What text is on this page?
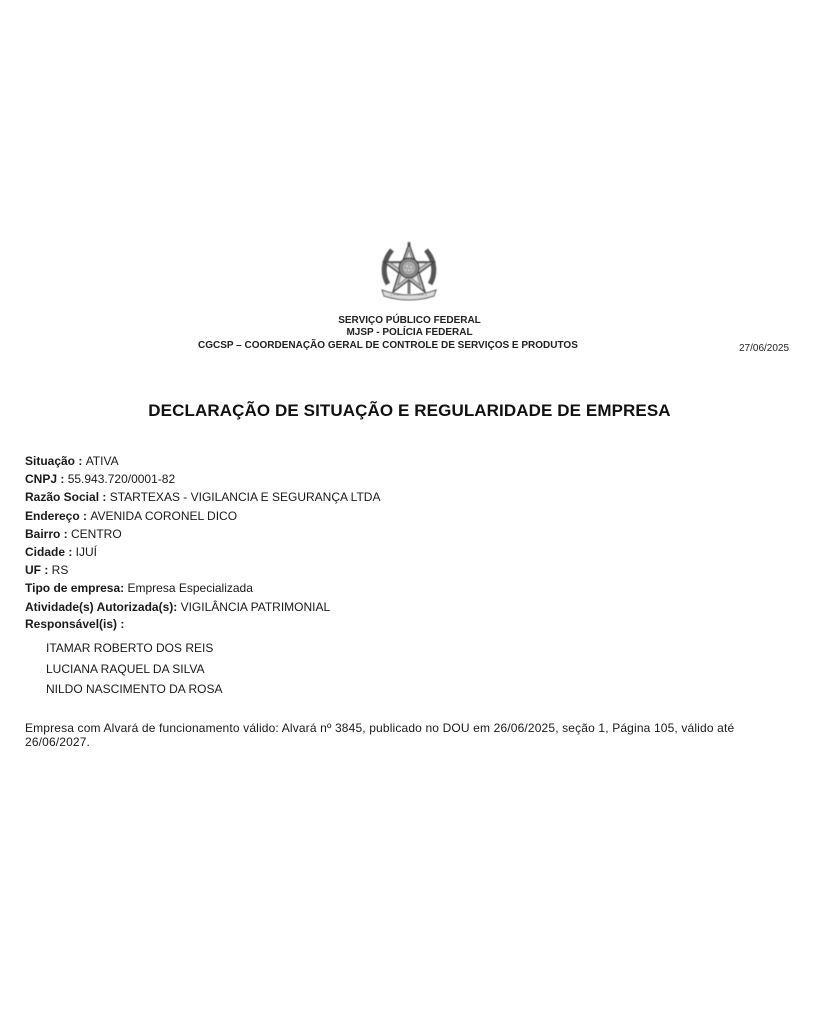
SERVIÇO PÚBLICO FEDERAL
MJSP - POLÍCIA FEDERAL
CGCSP – COORDENAÇÃO GERAL DE CONTROLE DE SERVIÇOS E PRODUTOS	27/06/2025
DECLARAÇÃO DE SITUAÇÃO E REGULARIDADE DE EMPRESA
Situação : ATIVA
CNPJ : 55.943.720/0001-82
Razão Social : STARTEXAS - VIGILANCIA E SEGURANÇA LTDA
Endereço : AVENIDA CORONEL DICO
Bairro : CENTRO
Cidade : IJUÍ
UF : RS
Tipo de empresa: Empresa Especializada
Atividade(s) Autorizada(s): VIGILÂNCIA PATRIMONIAL
Responsável(is) :
ITAMAR ROBERTO DOS REIS
LUCIANA RAQUEL DA SILVA
NILDO NASCIMENTO DA ROSA
Empresa com Alvará de funcionamento válido: Alvará nº 3845, publicado no DOU em 26/06/2025, seção 1, Página 105, válido até 26/06/2027.
